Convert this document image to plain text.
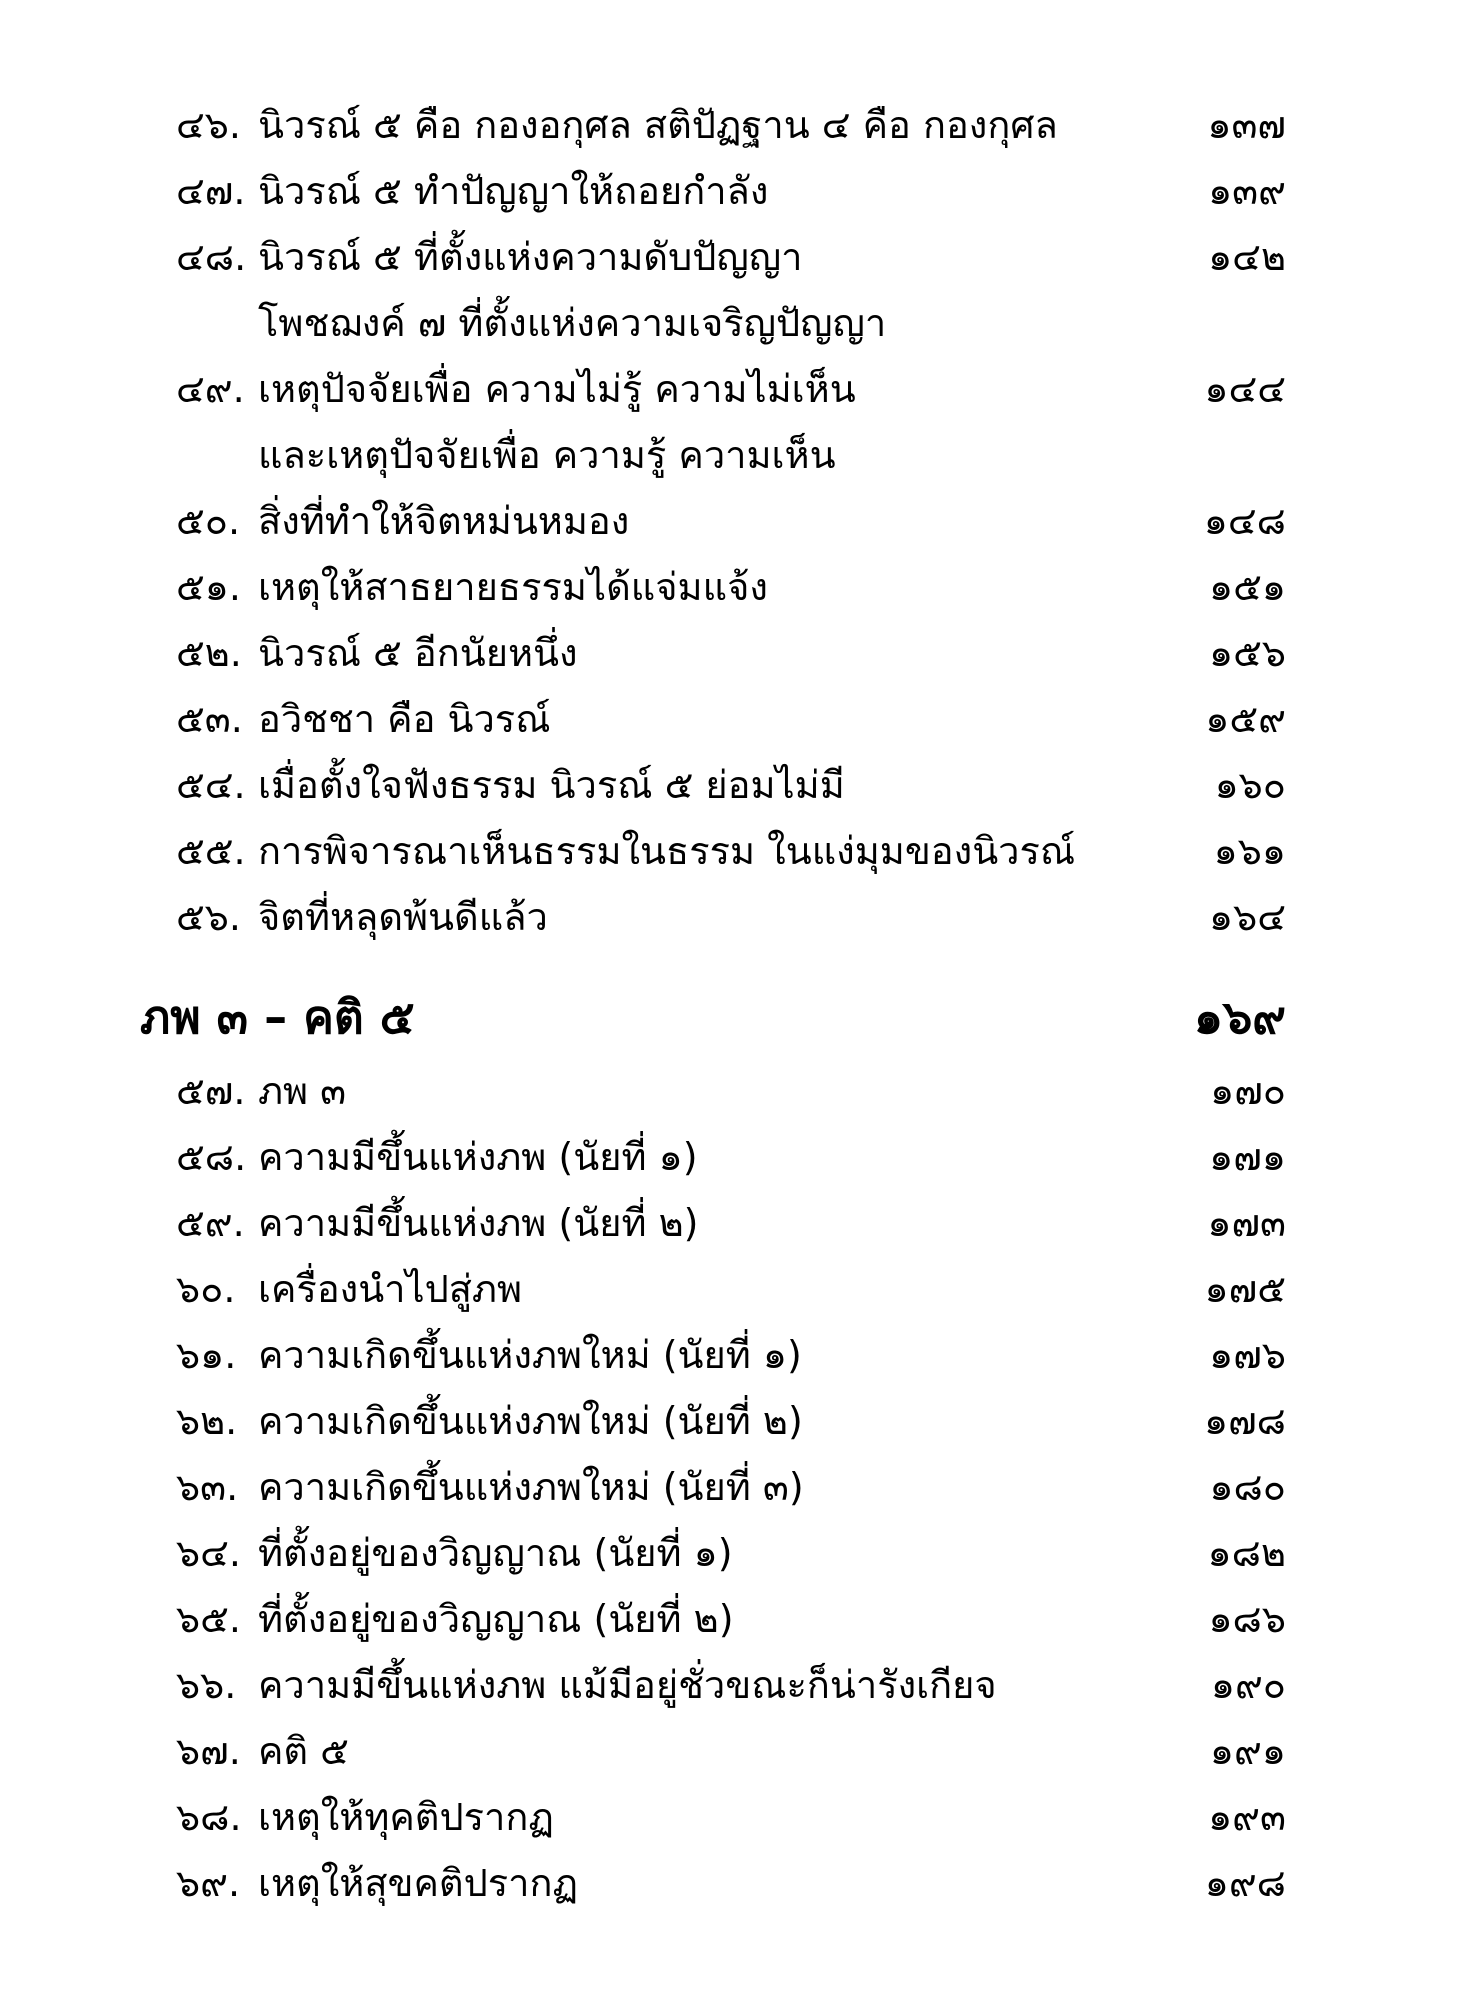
๔๖. นิวรณ์ ๕ คือ กองอกุศล สติปัฏฐาน ๔ คือ กองกุศล	๑๓๗
๔๗. นิวรณ์ ๕ ทำปัญญาให้ถอยกำลัง	๑๓๙
๔๘. นิวรณ์ ๕ ที่ตั้งแห่งความดับปัญญา	๑๔๒
โพชฌงค์ ๗ ที่ตั้งแห่งความเจริญปัญญา
๔๙. เหตุปัจจัยเพื่อ ความไม่รู้ ความไม่เห็น	๑๔๔
และเหตุปัจจัยเพื่อ ความรู้ ความเห็น
๕๐. สิ่งที่ทำให้จิตหม่นหมอง	๑๔๘
๕๑. เหตุให้สาธยายธรรมได้แจ่มแจ้ง	๑๕๑
๕๒. นิวรณ์ ๕ อีกนัยหนึ่ง	๑๕๖
๕๓. อวิชชา คือ นิวรณ์	๑๕๙
๕๔. เมื่อตั้งใจฟังธรรม นิวรณ์ ๕ ย่อมไม่มี	๑๖๐
๕๕. การพิจารณาเห็นธรรมในธรรม ในแง่มุมของนิวรณ์	๑๖๑
๕๖. จิตที่หลุดพ้นดีแล้ว	๑๖๔
ภพ ๓ – คติ ๕	๑๖๙
๕๗. ภพ ๓	๑๗๐
๕๘. ความมีขึ้นแห่งภพ (นัยที่ ๑)	๑๗๑
๕๙. ความมีขึ้นแห่งภพ (นัยที่ ๒)	๑๗๓
๖๐. เครื่องนำไปสู่ภพ	๑๗๕
๖๑. ความเกิดขึ้นแห่งภพใหม่ (นัยที่ ๑)	๑๗๖
๖๒. ความเกิดขึ้นแห่งภพใหม่ (นัยที่ ๒)	๑๗๘
๖๓. ความเกิดขึ้นแห่งภพใหม่ (นัยที่ ๓)	๑๘๐
๖๔. ที่ตั้งอยู่ของวิญญาณ (นัยที่ ๑)	๑๘๒
๖๕. ที่ตั้งอยู่ของวิญญาณ (นัยที่ ๒)	๑๘๖
๖๖. ความมีขึ้นแห่งภพ แม้มีอยู่ชั่วขณะก็น่ารังเกียจ	๑๙๐
๖๗. คติ ๕	๑๙๑
๖๘. เหตุให้ทุคติปรากฏ	๑๙๓
๖๙. เหตุให้สุขคติปรากฏ	๑๙๘
